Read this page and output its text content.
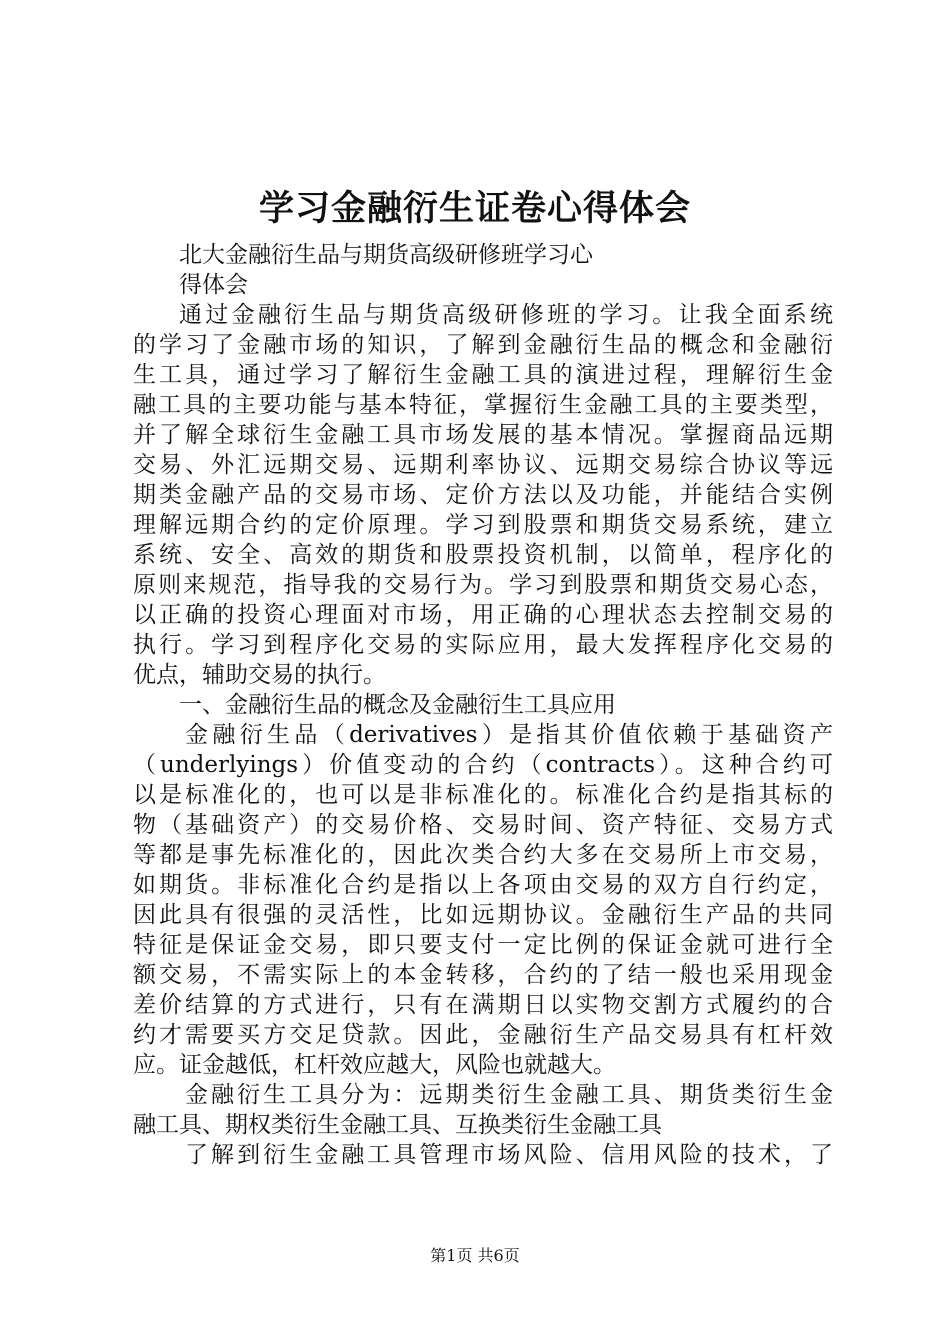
学习金融衍生证卷心得体会
北大金融衍生品与期货高级研修班学习心
得体会
通过金融衍生品与期货高级研修班的学习。让我全面系统
的学习了金融市场的知识，了解到金融衍生品的概念和金融衍
生工具，通过学习了解衍生金融工具的演进过程，理解衍生金
融工具的主要功能与基本特征，掌握衍生金融工具的主要类型，
并了解全球衍生金融工具市场发展的基本情况。掌握商品远期
交易、外汇远期交易、远期利率协议、远期交易综合协议等远
期类金融产品的交易市场、定价方法以及功能，并能结合实例
理解远期合约的定价原理。学习到股票和期货交易系统，建立
系统、安全、高效的期货和股票投资机制，以简单，程序化的
原则来规范，指导我的交易行为。学习到股票和期货交易心态，
以正确的投资心理面对市场，用正确的心理状态去控制交易的
执行。学习到程序化交易的实际应用，最大发挥程序化交易的
优点，辅助交易的执行。
一、金融衍生品的概念及金融衍生工具应用
金融衍生品（derivatives）是指其价值依赖于基础资产
（underlyings）价值变动的合约（contracts）。这种合约可
以是标准化的，也可以是非标准化的。标准化合约是指其标的
物（基础资产）的交易价格、交易时间、资产特征、交易方式
等都是事先标准化的，因此次类合约大多在交易所上市交易，
如期货。非标准化合约是指以上各项由交易的双方自行约定，
因此具有很强的灵活性，比如远期协议。金融衍生产品的共同
特征是保证金交易，即只要支付一定比例的保证金就可进行全
额交易，不需实际上的本金转移，合约的了结一般也采用现金
差价结算的方式进行，只有在满期日以实物交割方式履约的合
约才需要买方交足贷款。因此，金融衍生产品交易具有杠杆效
应。证金越低，杠杆效应越大，风险也就越大。
金融衍生工具分为：远期类衍生金融工具、期货类衍生金
融工具、期权类衍生金融工具、互换类衍生金融工具
了解到衍生金融工具管理市场风险、信用风险的技术，了
第1页 共6页
